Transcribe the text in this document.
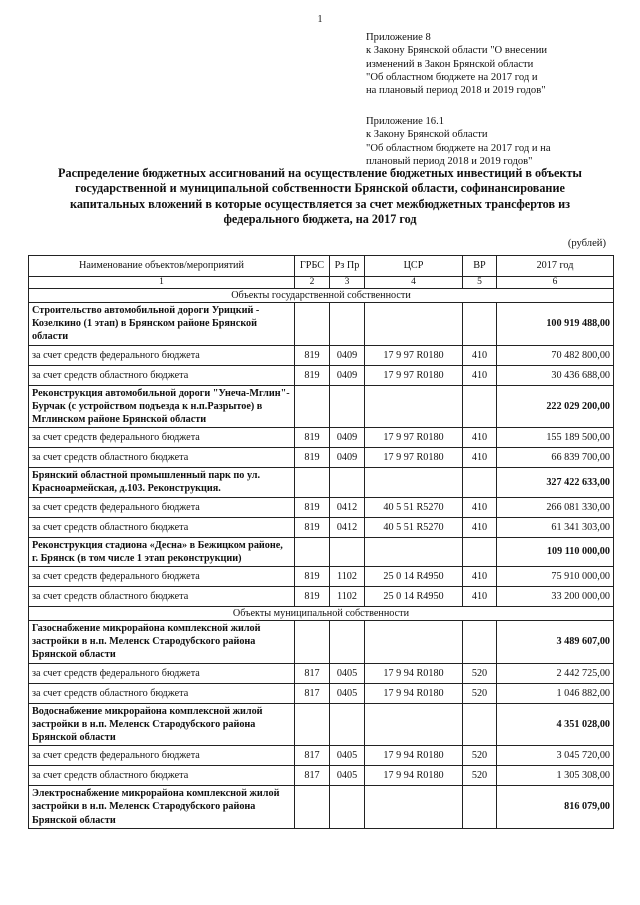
1
Приложение 8
к Закону Брянской области "О внесении
изменений в Закон Брянской области
"Об областном бюджете на 2017 год и
на плановый период 2018 и 2019 годов"
Приложение 16.1
к Закону Брянской области
"Об областном бюджете на 2017 год и на
плановый период 2018 и 2019 годов"
Распределение бюджетных ассигнований на осуществление бюджетных инвестиций в объекты
государственной и муниципальной собственности Брянской области, софинансирование
капитальных вложений в которые осуществляется за счет межбюджетных трансфертов из
федерального бюджета, на 2017 год
(рублей)
Наименование объектов/мероприятий	ГРБС	Рз Пр	ЦСР	ВР	2017 год
1	2	3	4	5	6
Объекты государственной собственности					
Строительство автомобильной дороги Урицкий - Козелкино (1 этап) в Брянском районе Брянской области					100 919 488,00
за счет средств федерального бюджета	819	0409	17 9 97 R0180	410	70 482 800,00
за счет средств областного бюджета	819	0409	17 9 97 R0180	410	30 436 688,00
Реконструкция автомобильной дороги "Унеча-Мглин"-Бурчак (с устройством подъезда к н.п.Разрытое) в Мглинском районе Брянской области					222 029 200,00
за счет средств федерального бюджета	819	0409	17 9 97 R0180	410	155 189 500,00
за счет средств областного бюджета	819	0409	17 9 97 R0180	410	66 839 700,00
Брянский областной промышленный парк по ул. Красноармейская, д.103. Реконструкция.					327 422 633,00
за счет средств федерального бюджета	819	0412	40 5 51 R5270	410	266 081 330,00
за счет средств областного бюджета	819	0412	40 5 51 R5270	410	61 341 303,00
Реконструкция стадиона «Десна» в Бежицком районе, г. Брянск (в том числе 1 этап реконструкции)					109 110 000,00
за счет средств федерального бюджета	819	1102	25 0 14 R4950	410	75 910 000,00
за счет средств областного бюджета	819	1102	25 0 14 R4950	410	33 200 000,00
Объекты муниципальной собственности					
Газоснабжение микрорайона комплексной жилой застройки в н.п. Меленск Стародубского района Брянской области					3 489 607,00
за счет средств федерального бюджета	817	0405	17 9 94 R0180	520	2 442 725,00
за счет средств областного бюджета	817	0405	17 9 94 R0180	520	1 046 882,00
Водоснабжение микрорайона комплексной жилой застройки в н.п. Меленск Стародубского района Брянской области					4 351 028,00
за счет средств федерального бюджета	817	0405	17 9 94 R0180	520	3 045 720,00
за счет средств областного бюджета	817	0405	17 9 94 R0180	520	1 305 308,00
Электроснабжение микрорайона комплексной жилой застройки в н.п. Меленск Стародубского района Брянской области					816 079,00
